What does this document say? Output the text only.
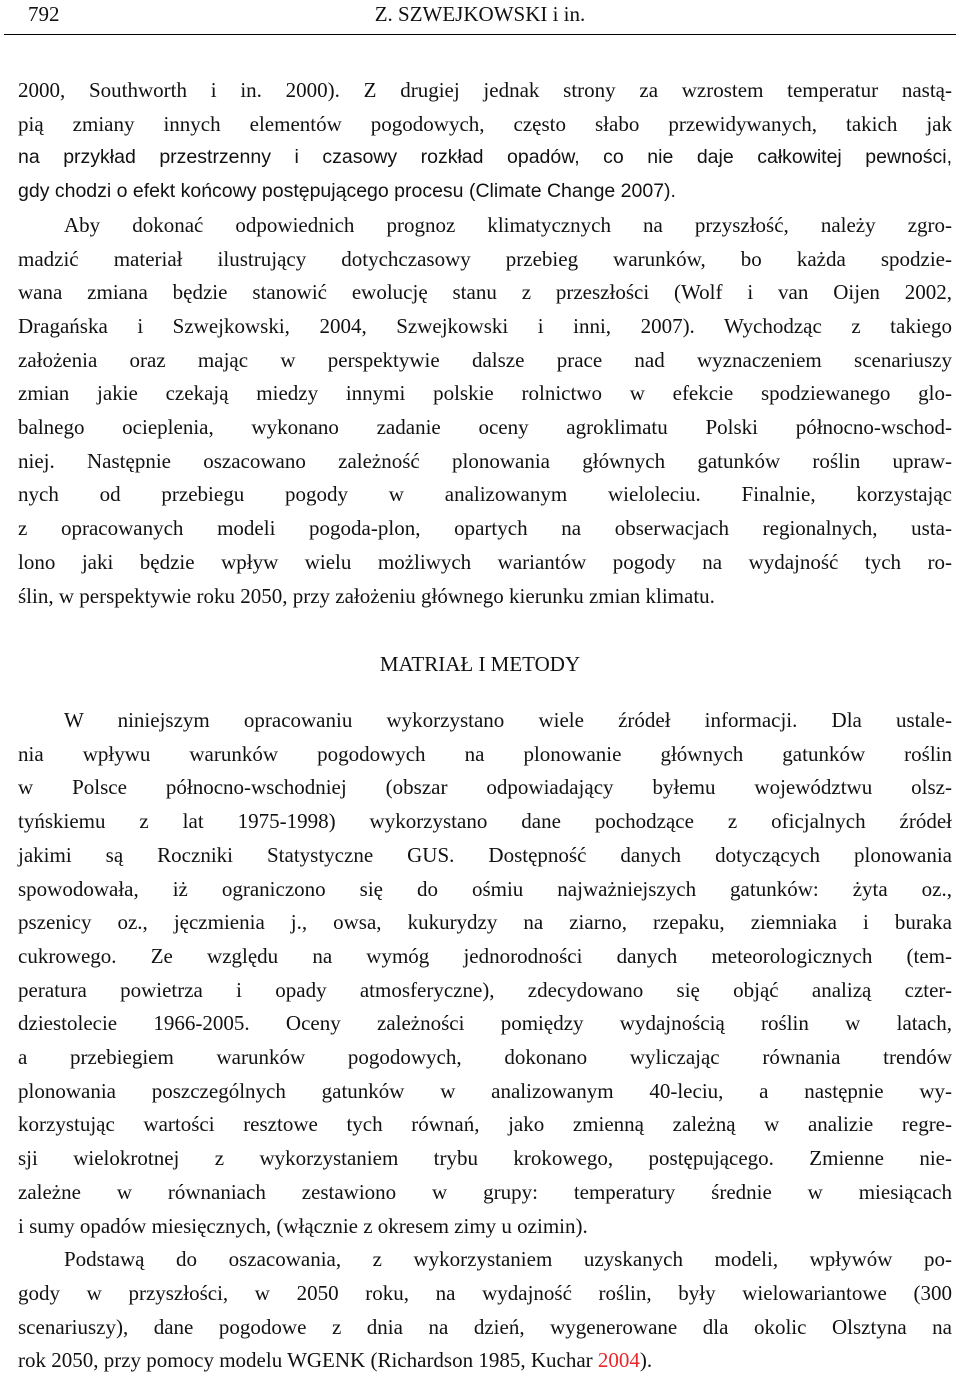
792	Z. SZWEJKOWSKI i in.
2000, Southworth i in. 2000). Z drugiej jednak strony za wzrostem temperatur nastą-
pią zmiany innych elementów pogodowych, często słabo przewidywanych, takich jak
na przykład przestrzenny i czasowy rozkład opadów, co nie daje całkowitej pewności,
gdy chodzi o efekt końcowy postępującego procesu (Climate Change 2007).
Aby dokonać odpowiednich prognoz klimatycznych na przyszłość, należy zgro-
madzić materiał ilustrujący dotychczasowy przebieg warunków, bo każda spodzie-
wana zmiana będzie stanowić ewolucję stanu z przeszłości (Wolf i van Oijen 2002,
Dragańska i Szwejkowski, 2004, Szwejkowski i inni, 2007). Wychodząc z takiego
założenia oraz mając w perspektywie dalsze prace nad wyznaczeniem scenariuszy
zmian jakie czekają miedzy innymi polskie rolnictwo w efekcie spodziewanego glo-
balnego ocieplenia, wykonano zadanie oceny agroklimatu Polski północno-wschod-
niej. Następnie oszacowano zależność plonowania głównych gatunków roślin upraw-
nych od przebiegu pogody w analizowanym wieloleciu. Finalnie, korzystając
z opracowanych modeli pogoda-plon, opartych na obserwacjach regionalnych, usta-
lono jaki będzie wpływ wielu możliwych wariantów pogody na wydajność tych ro-
ślin, w perspektywie roku 2050, przy założeniu głównego kierunku zmian klimatu.
W niniejszym opracowaniu wykorzystano wiele źródeł informacji. Dla ustale-
nia wpływu warunków pogodowych na plonowanie głównych gatunków roślin
w Polsce północno-wschodniej (obszar odpowiadający byłemu województwu olsz-
tyńskiemu z lat 1975-1998) wykorzystano dane pochodzące z oficjalnych źródeł
jakimi są Roczniki Statystyczne GUS. Dostępność danych dotyczących plonowania
spowodowała, iż ograniczono się do ośmiu najważniejszych gatunków: żyta oz.,
pszenicy oz., jęczmienia j., owsa, kukurydzy na ziarno, rzepaku, ziemniaka i buraka
cukrowego. Ze względu na wymóg jednorodności danych meteorologicznych (tem-
peratura powietrza i opady atmosferyczne), zdecydowano się objąć analizą czter-
dziestolecie 1966-2005. Oceny zależności pomiędzy wydajnością roślin w latach,
a przebiegiem warunków pogodowych, dokonano wyliczając równania trendów
plonowania poszczególnych gatunków w analizowanym 40-leciu, a następnie wy-
korzystując wartości resztowe tych równań, jako zmienną zależną w analizie regre-
sji wielokrotnej z wykorzystaniem trybu krokowego, postępującego. Zmienne nie-
zależne w równaniach zestawiono w grupy: temperatury średnie w miesiącach
i sumy opadów miesięcznych, (włącznie z okresem zimy u ozimin).
Podstawą do oszacowania, z wykorzystaniem uzyskanych modeli, wpływów po-
gody w przyszłości, w 2050 roku, na wydajność roślin, były wielowariantowe (300
scenariuszy), dane pogodowe z dnia na dzień, wygenerowane dla okolic Olsztyna na
MATRIAŁ I METODY
rok 2050, przy pomocy modelu WGENK (Richardson 1985, Kuchar 2004).
